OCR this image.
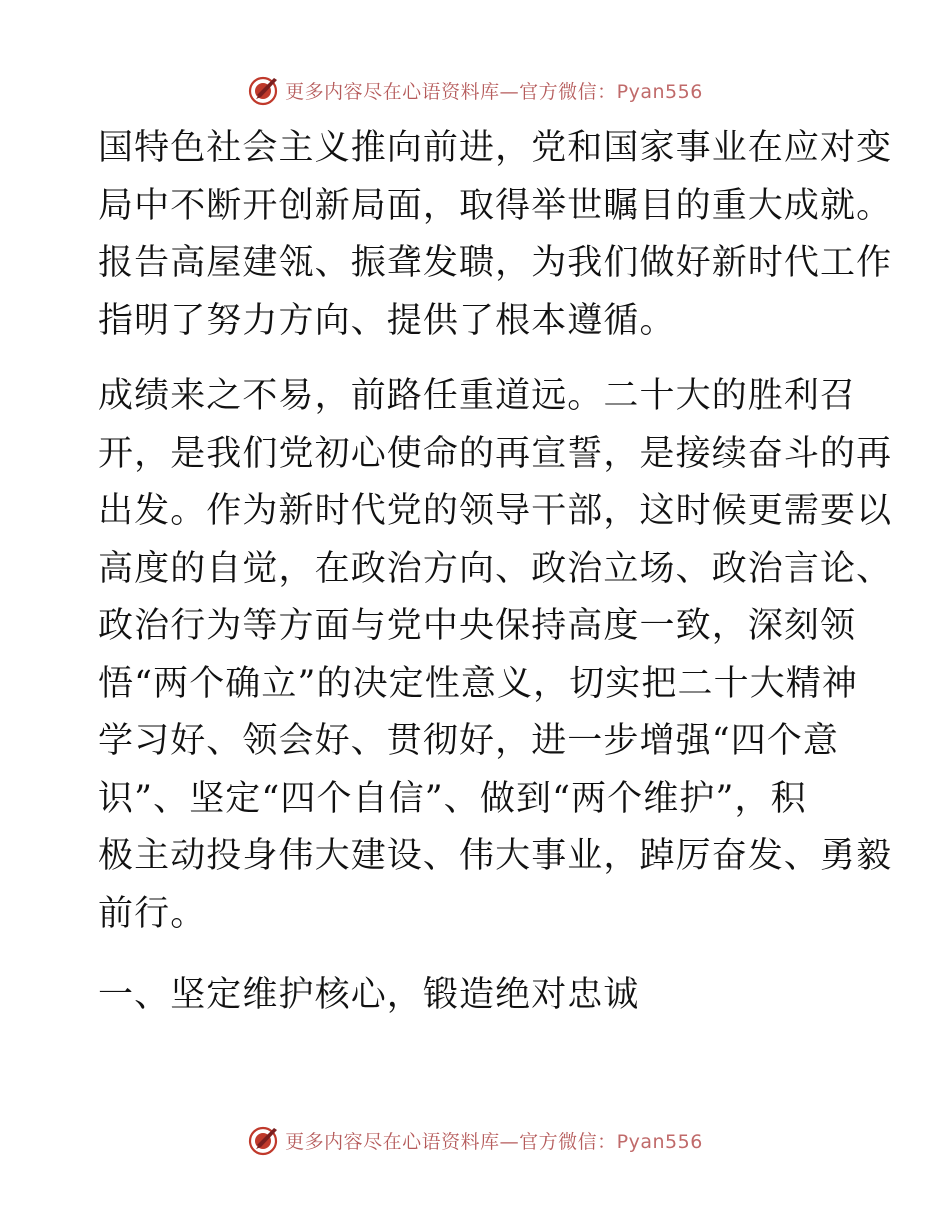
更多内容尽在心语资料库—官方微信：Pyan556
国特色社会主义推向前进，党和国家事业在应对变
局中不断开创新局面，取得举世瞩目的重大成就。
报告高屋建瓴、振聋发聩，为我们做好新时代工作
指明了努力方向、提供了根本遵循。
成绩来之不易，前路任重道远。二十大的胜利召
开，是我们党初心使命的再宣誓，是接续奋斗的再
出发。作为新时代党的领导干部，这时候更需要以
高度的自觉，在政治方向、政治立场、政治言论、
政治行为等方面与党中央保持高度一致，深刻领
悟“两个确立”的决定性意义，切实把二十大精神
学习好、领会好、贯彻好，进一步增强“四个意
识”、坚定“四个自信”、做到“两个维护”，积
极主动投身伟大建设、伟大事业，踔厉奋发、勇毅
前行。
一、坚定维护核心，锻造绝对忠诚
更多内容尽在心语资料库—官方微信：Pyan556
